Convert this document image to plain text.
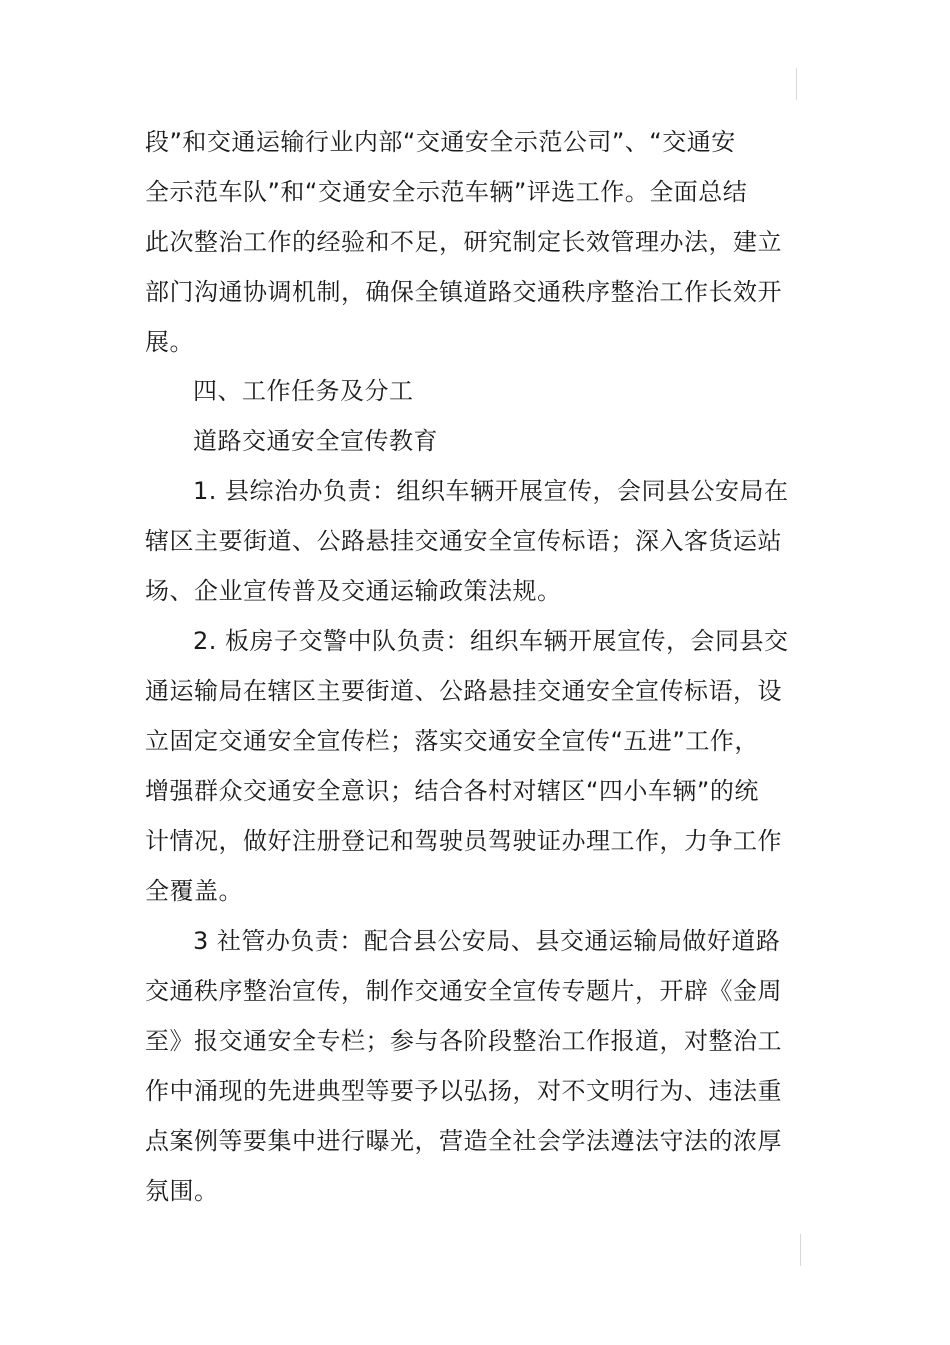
段”和交通运输行业内部“交通安全示范公司”、“交通安
全示范车队”和“交通安全示范车辆”评选工作。全面总结
此次整治工作的经验和不足，研究制定长效管理办法，建立
部门沟通协调机制，确保全镇道路交通秩序整治工作长效开
展。
四、工作任务及分工
道路交通安全宣传教育
1. 县综治办负责：组织车辆开展宣传，会同县公安局在
辖区主要街道、公路悬挂交通安全宣传标语；深入客货运站
场、企业宣传普及交通运输政策法规。
2. 板房子交警中队负责：组织车辆开展宣传，会同县交
通运输局在辖区主要街道、公路悬挂交通安全宣传标语，设
立固定交通安全宣传栏；落实交通安全宣传“五进”工作，
增强群众交通安全意识；结合各村对辖区“四小车辆”的统
计情况，做好注册登记和驾驶员驾驶证办理工作，力争工作
全覆盖。
3 社管办负责：配合县公安局、县交通运输局做好道路
交通秩序整治宣传，制作交通安全宣传专题片，开辟《金周
至》报交通安全专栏；参与各阶段整治工作报道，对整治工
作中涌现的先进典型等要予以弘扬，对不文明行为、违法重
点案例等要集中进行曝光，营造全社会学法遵法守法的浓厚
氛围。
